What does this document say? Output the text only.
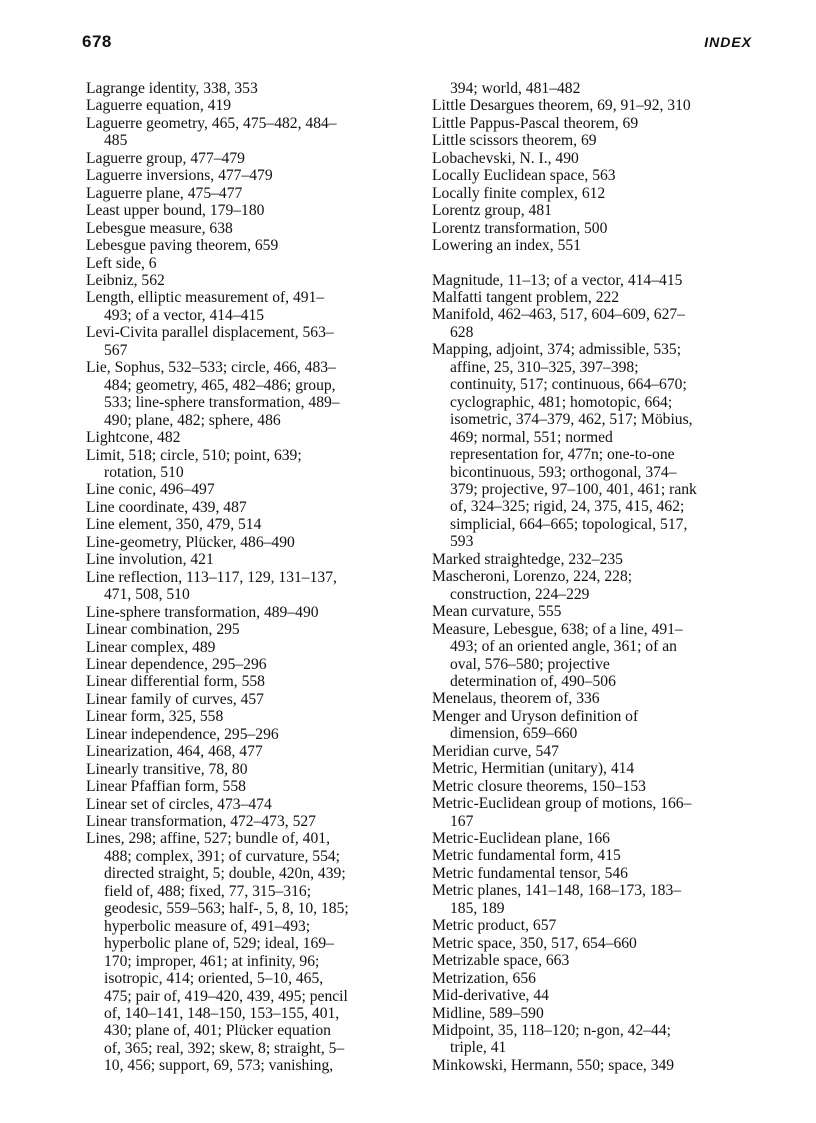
678	INDEX
Lagrange identity, 338, 353
Laguerre equation, 419
Laguerre geometry, 465, 475–482, 484–
485
Laguerre group, 477–479
Laguerre inversions, 477–479
Laguerre plane, 475–477
Least upper bound, 179–180
Lebesgue measure, 638
Lebesgue paving theorem, 659
Left side, 6
Leibniz, 562
Length, elliptic measurement of, 491–
493; of a vector, 414–415
Levi-Civita parallel displacement, 563–
567
Lie, Sophus, 532–533; circle, 466, 483–
484; geometry, 465, 482–486; group,
533; line-sphere transformation, 489–
490; plane, 482; sphere, 486
Lightcone, 482
Limit, 518; circle, 510; point, 639;
rotation, 510
Line conic, 496–497
Line coordinate, 439, 487
Line element, 350, 479, 514
Line-geometry, Plücker, 486–490
Line involution, 421
Line reflection, 113–117, 129, 131–137,
471, 508, 510
Line-sphere transformation, 489–490
Linear combination, 295
Linear complex, 489
Linear dependence, 295–296
Linear differential form, 558
Linear family of curves, 457
Linear form, 325, 558
Linear independence, 295–296
Linearization, 464, 468, 477
Linearly transitive, 78, 80
Linear Pfaffian form, 558
Linear set of circles, 473–474
Linear transformation, 472–473, 527
Lines, 298; affine, 527; bundle of, 401,
488; complex, 391; of curvature, 554;
directed straight, 5; double, 420n, 439;
field of, 488; fixed, 77, 315–316;
geodesic, 559–563; half-, 5, 8, 10, 185;
hyperbolic measure of, 491–493;
hyperbolic plane of, 529; ideal, 169–
170; improper, 461; at infinity, 96;
isotropic, 414; oriented, 5–10, 465,
475; pair of, 419–420, 439, 495; pencil
of, 140–141, 148–150, 153–155, 401,
430; plane of, 401; Plücker equation
of, 365; real, 392; skew, 8; straight, 5–
10, 456; support, 69, 573; vanishing,
394; world, 481–482
Little Desargues theorem, 69, 91–92, 310
Little Pappus-Pascal theorem, 69
Little scissors theorem, 69
Lobachevski, N. I., 490
Locally Euclidean space, 563
Locally finite complex, 612
Lorentz group, 481
Lorentz transformation, 500
Lowering an index, 551
Magnitude, 11–13; of a vector, 414–415
Malfatti tangent problem, 222
Manifold, 462–463, 517, 604–609, 627–
628
Mapping, adjoint, 374; admissible, 535;
affine, 25, 310–325, 397–398;
continuity, 517; continuous, 664–670;
cyclographic, 481; homotopic, 664;
isometric, 374–379, 462, 517; Möbius,
469; normal, 551; normed
representation for, 477n; one-to-one
bicontinuous, 593; orthogonal, 374–
379; projective, 97–100, 401, 461; rank
of, 324–325; rigid, 24, 375, 415, 462;
simplicial, 664–665; topological, 517,
593
Marked straightedge, 232–235
Mascheroni, Lorenzo, 224, 228;
construction, 224–229
Mean curvature, 555
Measure, Lebesgue, 638; of a line, 491–
493; of an oriented angle, 361; of an
oval, 576–580; projective
determination of, 490–506
Menelaus, theorem of, 336
Menger and Uryson definition of
dimension, 659–660
Meridian curve, 547
Metric, Hermitian (unitary), 414
Metric closure theorems, 150–153
Metric-Euclidean group of motions, 166–
167
Metric-Euclidean plane, 166
Metric fundamental form, 415
Metric fundamental tensor, 546
Metric planes, 141–148, 168–173, 183–
185, 189
Metric product, 657
Metric space, 350, 517, 654–660
Metrizable space, 663
Metrization, 656
Mid-derivative, 44
Midline, 589–590
Midpoint, 35, 118–120; n-gon, 42–44;
triple, 41
Minkowski, Hermann, 550; space, 349
